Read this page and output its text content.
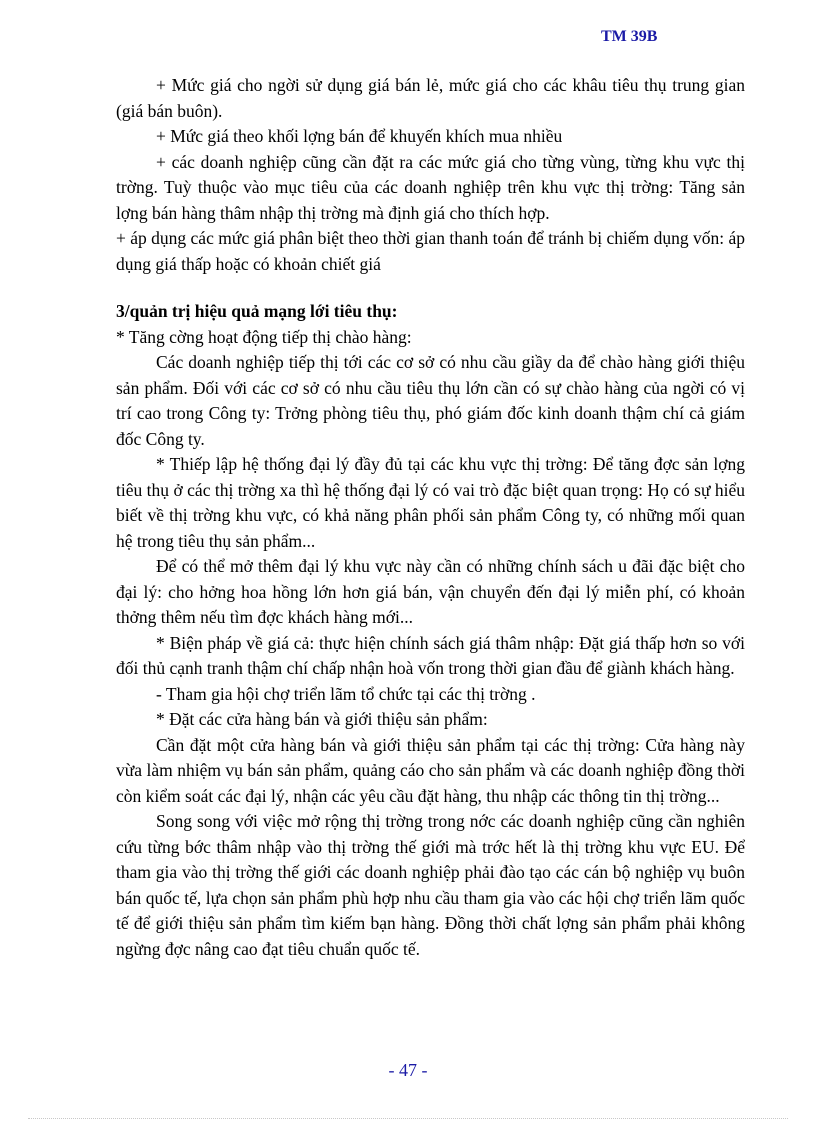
TM 39B

+ Mức giá cho ngời sử dụng giá bán lẻ, mức giá cho các khâu tiêu thụ trung gian (giá bán buôn).

+ Mức giá theo khối lợng bán để khuyến khích mua nhiều

+ các doanh nghiệp cũng cần đặt ra các mức giá cho từng vùng, từng khu vực thị trờng. Tuỳ thuộc vào mục tiêu của các doanh nghiệp trên khu vực thị trờng: Tăng sản lợng bán hàng thâm nhập thị trờng mà định giá cho thích hợp.

+ áp dụng các mức giá phân biệt theo thời gian thanh toán để tránh bị chiếm dụng vốn: áp dụng giá thấp hoặc có khoản chiết giá

3/quản trị hiệu quả mạng lới tiêu thụ:

* Tăng cờng hoạt động tiếp thị chào hàng:

Các doanh nghiệp tiếp thị tới các cơ sở có nhu cầu giầy da để chào hàng giới thiệu sản phẩm. Đối với các cơ sở có nhu cầu tiêu thụ lớn cần có sự chào hàng của ngời có vị trí cao trong Công ty: Trởng phòng tiêu thụ, phó giám đốc kinh doanh thậm chí cả giám đốc Công ty.

* Thiếp lập hệ thống đại lý đầy đủ tại các khu vực thị trờng: Để tăng đợc sản lợng tiêu thụ ở các thị trờng xa thì hệ thống đại lý có vai trò đặc biệt quan trọng: Họ có sự hiểu biết về thị trờng khu vực, có khả năng phân phối sản phẩm Công ty, có những mối quan hệ trong tiêu thụ sản phẩm...

Để có thể mở thêm đại lý khu vực này cần có những chính sách u đãi đặc biệt cho đại lý: cho hởng hoa hồng lớn hơn giá bán, vận chuyển đến đại lý miễn phí, có khoản thởng thêm nếu tìm đợc khách hàng mới...

* Biện pháp về giá cả: thực hiện chính sách giá thâm nhập: Đặt giá thấp hơn so với đối thủ cạnh tranh thậm chí chấp nhận hoà vốn trong thời gian đầu để giành khách hàng.

- Tham gia hội chợ triển lãm tổ chức tại các thị trờng .

* Đặt các cửa hàng bán và giới thiệu sản phẩm:

Cần đặt một cửa hàng bán và giới thiệu sản phẩm tại các thị trờng: Cửa hàng này vừa làm nhiệm vụ bán sản phẩm, quảng cáo cho sản phẩm và các doanh nghiệp đồng thời còn kiểm soát các đại lý, nhận các yêu cầu đặt hàng, thu nhập các thông tin thị trờng...

Song song với việc mở rộng thị trờng trong nớc các doanh nghiệp cũng cần nghiên cứu từng bớc thâm nhập vào thị trờng thế giới mà trớc hết là thị trờng khu vực EU. Để tham gia vào thị trờng thế giới các doanh nghiệp phải đào tạo các cán bộ nghiệp vụ buôn bán quốc tế, lựa chọn sản phẩm phù hợp nhu cầu tham gia vào các hội chợ triển lãm quốc tế để giới thiệu sản phẩm tìm kiếm bạn hàng. Đồng thời chất lợng sản phẩm phải không ngừng đợc nâng cao đạt tiêu chuẩn quốc tế.

- 47 -
